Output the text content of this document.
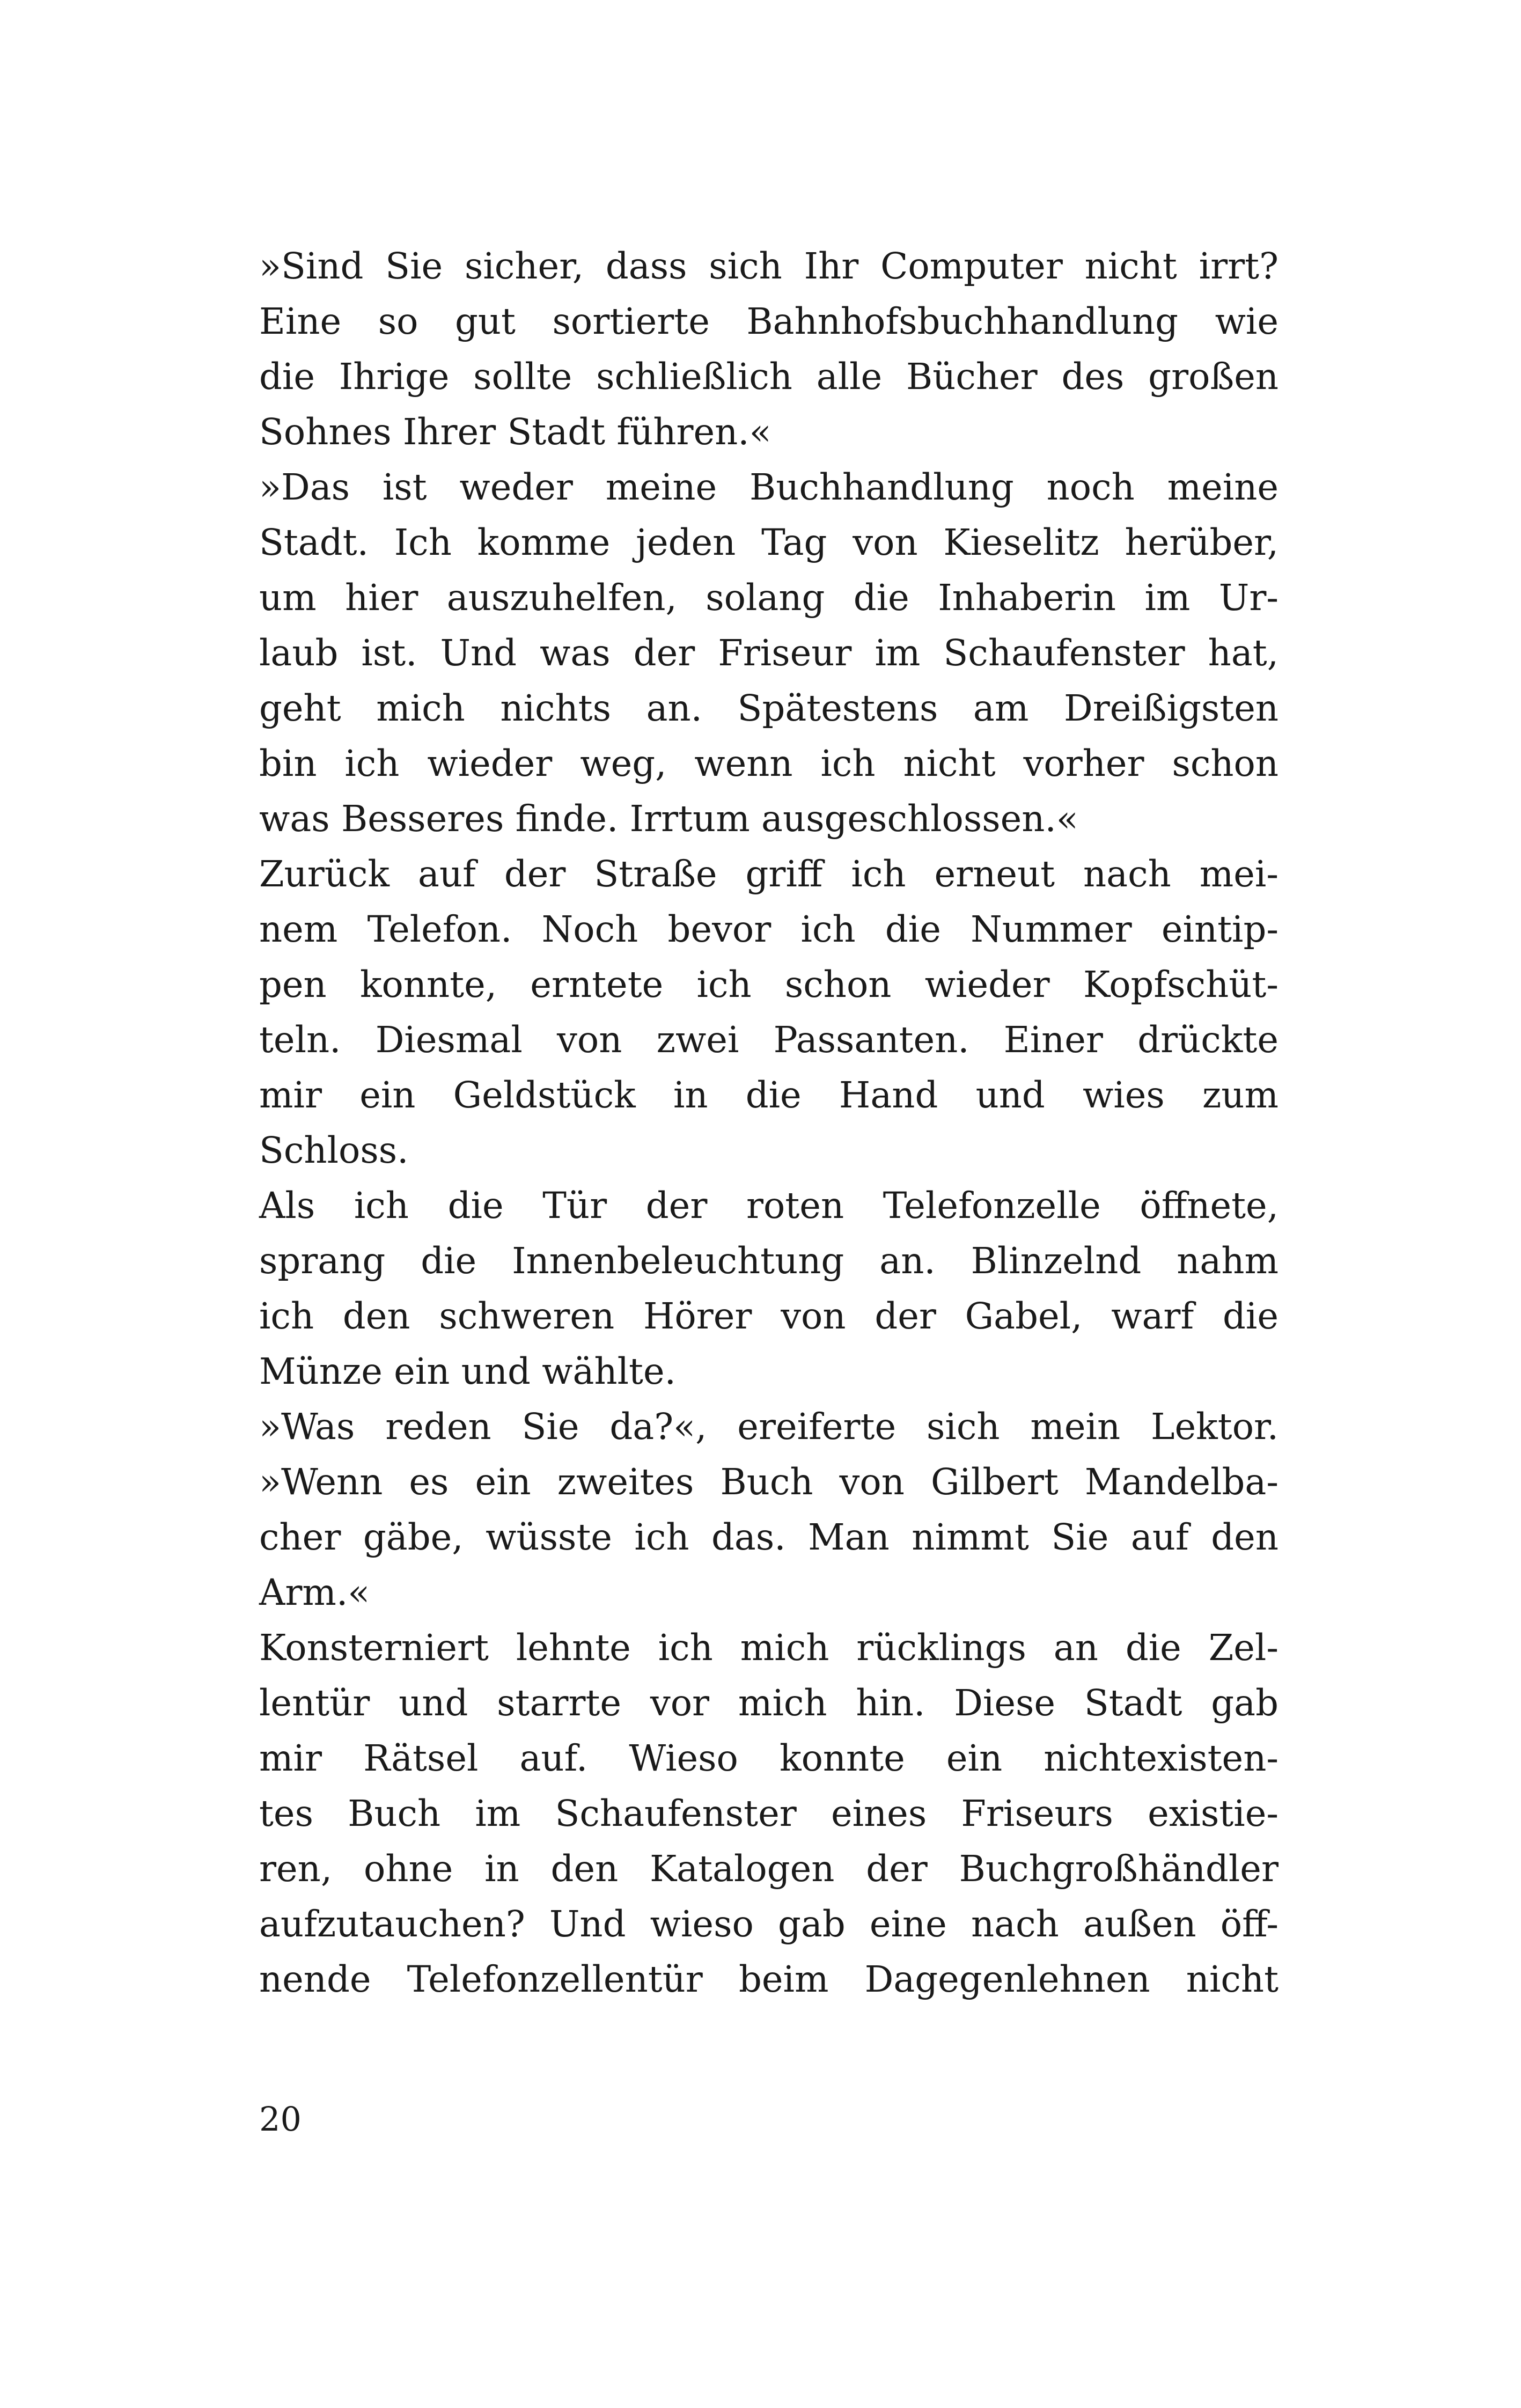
»Sind Sie sicher, dass sich Ihr Computer nicht irrt?
Eine so gut sortierte Bahnhofsbuchhandlung wie
die Ihrige sollte schließlich alle Bücher des großen
Sohnes Ihrer Stadt führen.«
»Das ist weder meine Buchhandlung noch meine
Stadt. Ich komme jeden Tag von Kieselitz herüber,
um hier auszuhelfen, solang die Inhaberin im Ur-
laub ist. Und was der Friseur im Schaufenster hat,
geht mich nichts an. Spätestens am Dreißigsten
bin ich wieder weg, wenn ich nicht vorher schon
was Besseres finde. Irrtum ausgeschlossen.«
Zurück auf der Straße griff ich erneut nach mei-
nem Telefon. Noch bevor ich die Nummer eintip-
pen konnte, erntete ich schon wieder Kopfschüt-
teln. Diesmal von zwei Passanten. Einer drückte
mir ein Geldstück in die Hand und wies zum
Schloss.
Als ich die Tür der roten Telefonzelle öffnete,
sprang die Innenbeleuchtung an. Blinzelnd nahm
ich den schweren Hörer von der Gabel, warf die
Münze ein und wählte.
»Was reden Sie da?«, ereiferte sich mein Lektor.
»Wenn es ein zweites Buch von Gilbert Mandelba-
cher gäbe, wüsste ich das. Man nimmt Sie auf den
Arm.«
Konsterniert lehnte ich mich rücklings an die Zel-
lentür und starrte vor mich hin. Diese Stadt gab
mir Rätsel auf. Wieso konnte ein nichtexisten-
tes Buch im Schaufenster eines Friseurs existie-
ren, ohne in den Katalogen der Buchgroßhändler
aufzutauchen? Und wieso gab eine nach außen öff-
nende Telefonzellentür beim Dagegenlehnen nicht
20
